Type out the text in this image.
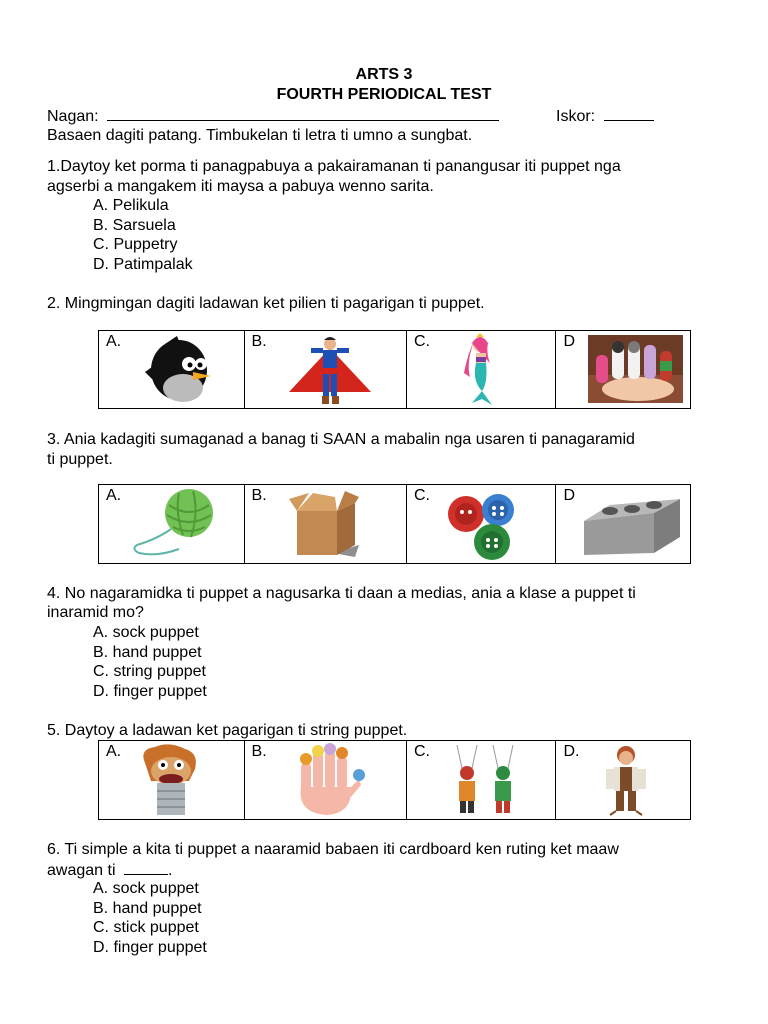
ARTS 3
FOURTH PERIODICAL TEST
Nagan:	Iskor:
Basaen dagiti patang. Timbukelan ti letra ti umno a sungbat.
1.Daytoy ket porma ti panagpabuya a pakairamanan ti panangusar iti puppet nga
agserbi a mangakem iti maysa a pabuya wenno sarita.
A. Pelikula
B. Sarsuela
C. Puppetry
D. Patimpalak
2. Mingmingan dagiti ladawan ket pilien ti pagarigan ti puppet.
A.	B.	C.	D
3. Ania kadagiti sumaganad a banag ti SAAN a mabalin nga usaren ti panagaramid
ti puppet.
A.	B.	C.	D
4. No nagaramidka ti puppet a nagusarka ti daan a medias, ania a klase a puppet ti
inaramid mo?
A. sock puppet
B. hand puppet
C. string puppet
D. finger puppet
5. Daytoy a ladawan ket pagarigan ti string puppet.
A.	B.	C.	D.
6. Ti simple a kita ti puppet a naaramid babaen iti cardboard ken ruting ket maaw
awagan ti	.
A. sock puppet
B. hand puppet
C. stick puppet
D. finger puppet
